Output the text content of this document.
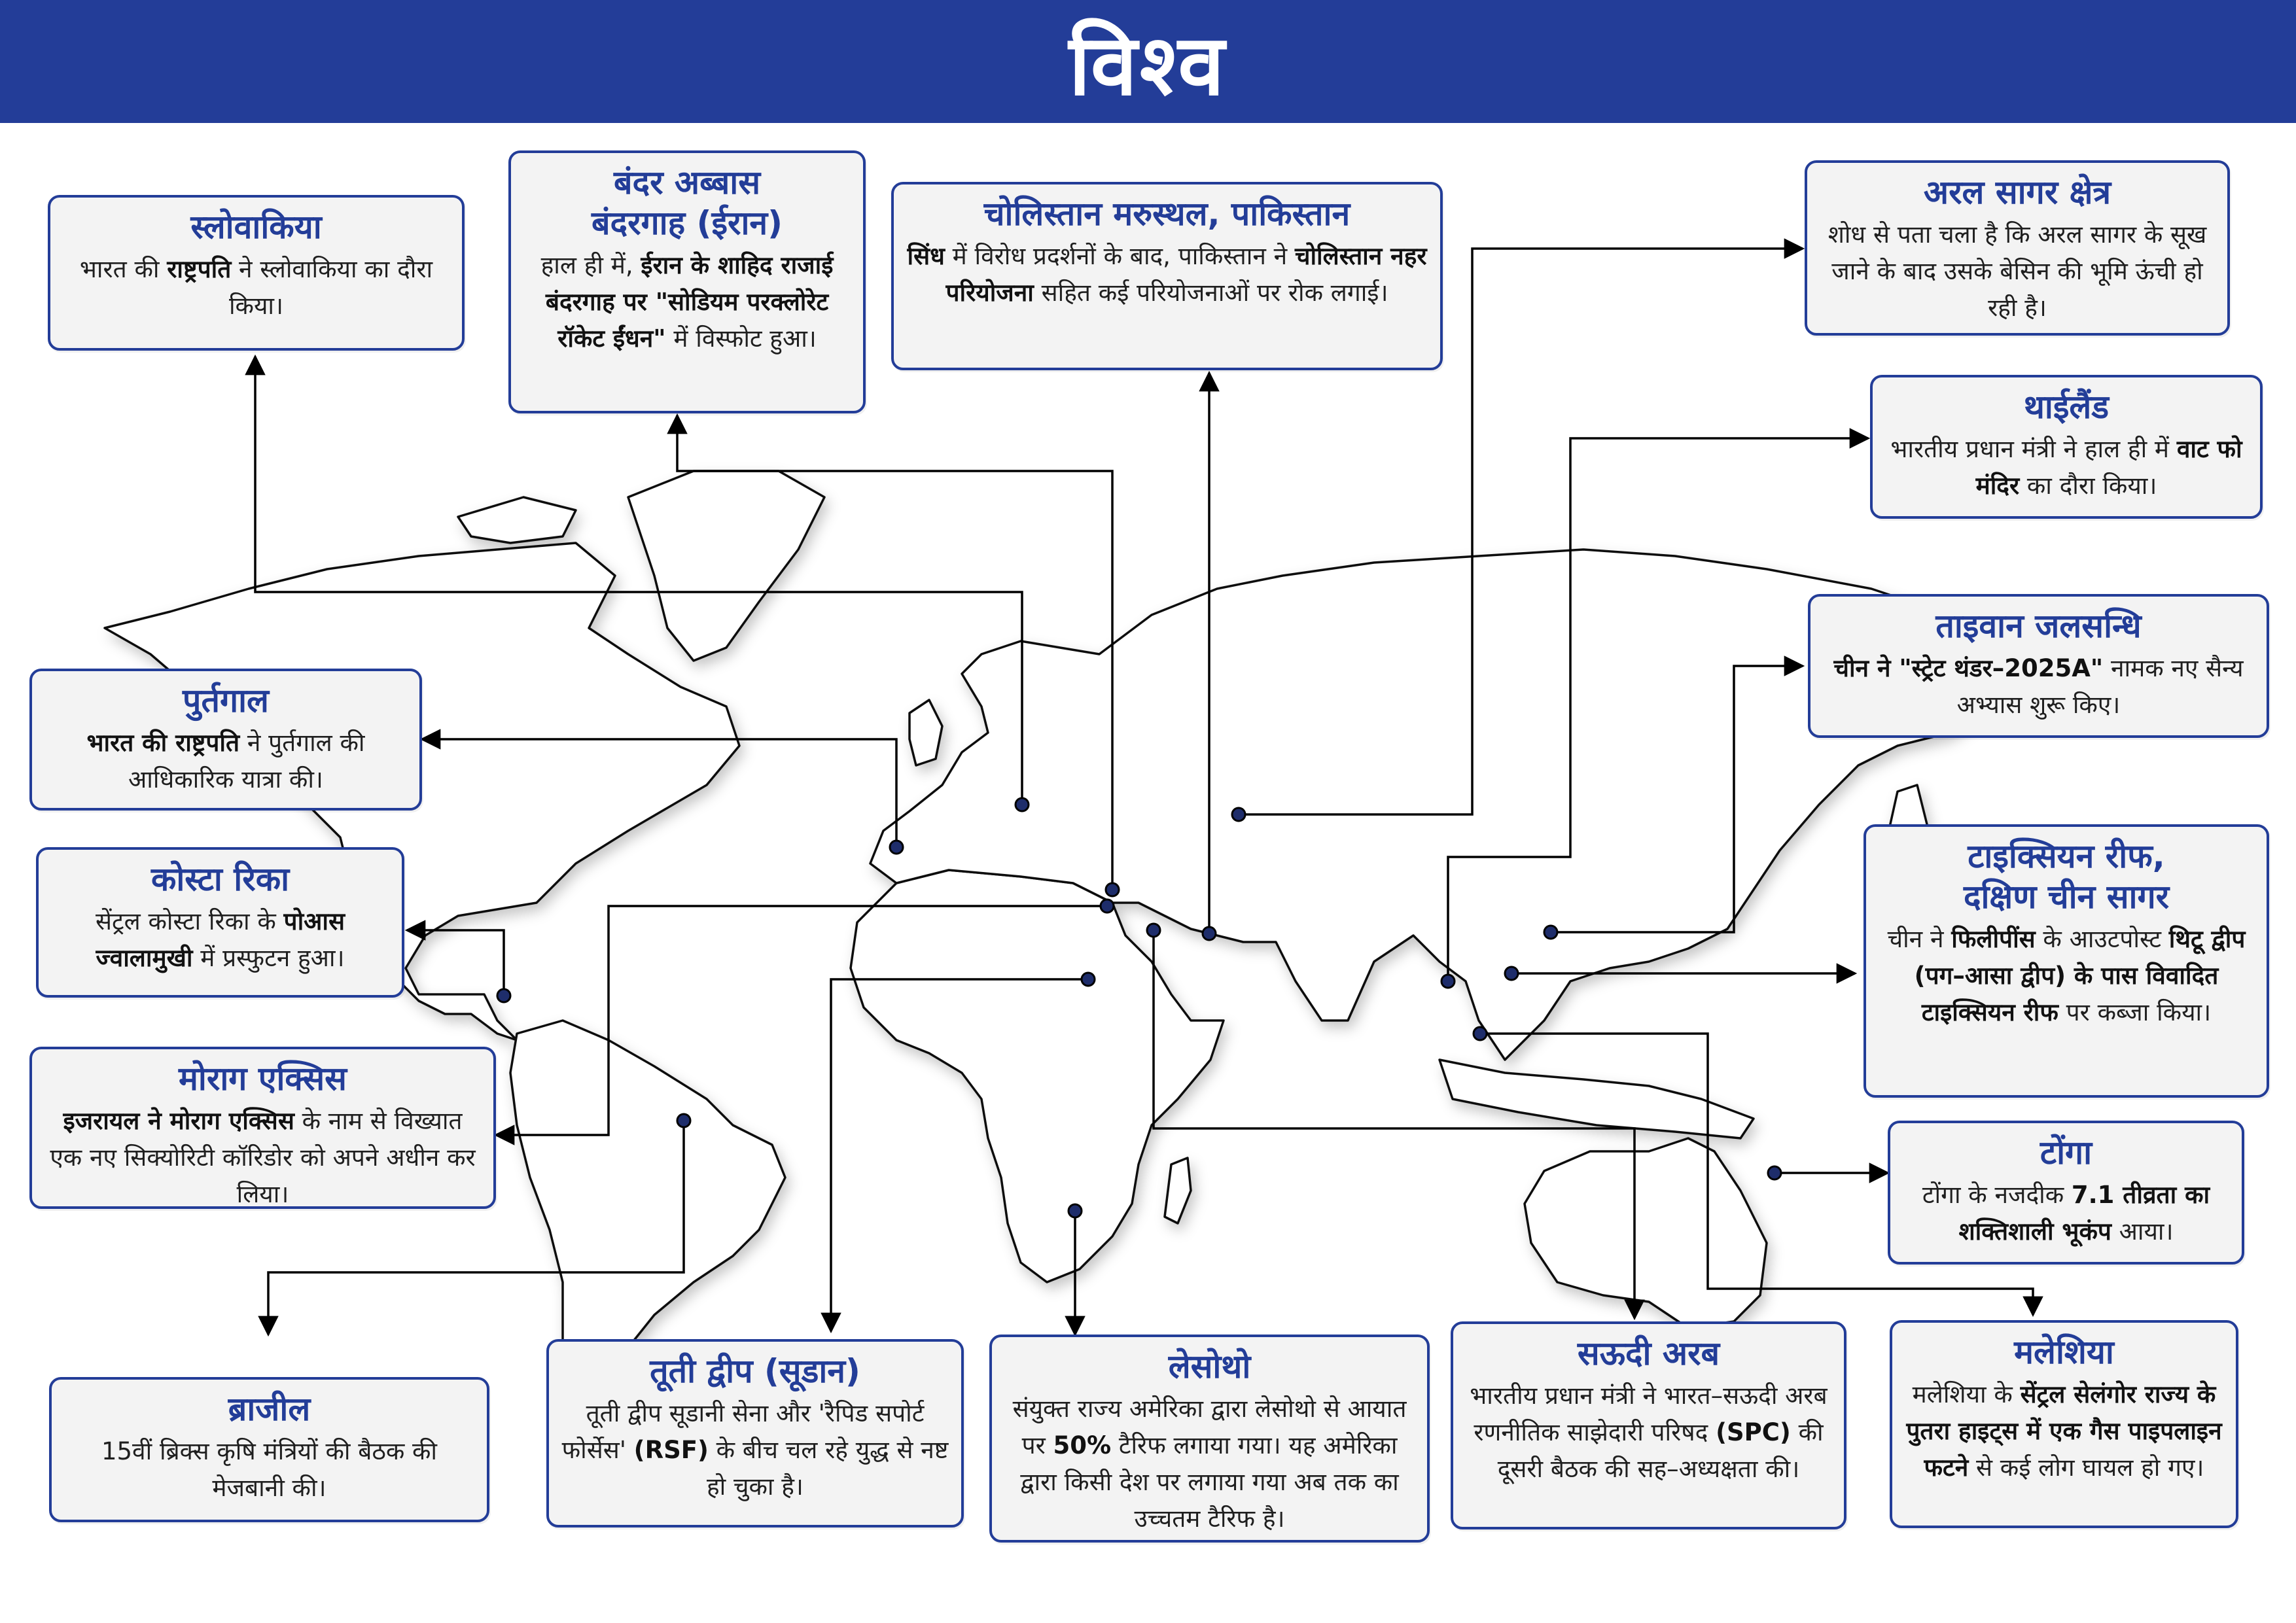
विश्व
स्लोवाकिया
भारत की राष्ट्रपति ने स्लोवाकिया का दौरा किया।
बंदर अब्बास
बंदरगाह (ईरान)
हाल ही में, ईरान के शाहिद राजाई बंदरगाह पर "सोडियम परक्लोरेट रॉकेट ईंधन" में विस्फोट हुआ।
चोलिस्तान मरुस्थल, पाकिस्तान
सिंध में विरोध प्रदर्शनों के बाद, पाकिस्तान ने चोलिस्तान नहर परियोजना सहित कई परियोजनाओं पर रोक लगाई।
अरल सागर क्षेत्र
शोध से पता चला है कि अरल सागर के सूख जाने के बाद उसके बेसिन की भूमि ऊंची हो रही है।
थाईलैंड
भारतीय प्रधान मंत्री ने हाल ही में वाट फो मंदिर का दौरा किया।
ताइवान जलसन्धि
चीन ने "स्ट्रेट थंडर–2025A" नामक नए सैन्य अभ्यास शुरू किए।
पुर्तगाल
भारत की राष्ट्रपति ने पुर्तगाल की आधिकारिक यात्रा की।
कोस्टा रिका
सेंट्रल कोस्टा रिका के पोआस ज्वालामुखी में प्रस्फुटन हुआ।
मोराग एक्सिस
इजरायल ने मोराग एक्सिस के नाम से विख्यात एक नए सिक्योरिटी कॉरिडोर को अपने अधीन कर लिया।
टाइक्सियन रीफ,
दक्षिण चीन सागर
चीन ने फिलीपींस के आउटपोस्ट थिटू द्वीप (पग–आसा द्वीप) के पास विवादित टाइक्सियन रीफ पर कब्जा किया।
टोंगा
टोंगा के नजदीक 7.1 तीव्रता का शक्तिशाली भूकंप आया।
ब्राजील
15वीं ब्रिक्स कृषि मंत्रियों की बैठक की मेजबानी की।
तूती द्वीप (सूडान)
तूती द्वीप सूडानी सेना और 'रैपिड सपोर्ट फोर्सेस' (RSF) के बीच चल रहे युद्ध से नष्ट हो चुका है।
लेसोथो
संयुक्त राज्य अमेरिका द्वारा लेसोथो से आयात पर 50% टैरिफ लगाया गया। यह अमेरिका द्वारा किसी देश पर लगाया गया अब तक का उच्चतम टैरिफ है।
सऊदी अरब
भारतीय प्रधान मंत्री ने भारत–सऊदी अरब रणनीतिक साझेदारी परिषद (SPC) की दूसरी बैठक की सह–अध्यक्षता की।
मलेशिया
मलेशिया के सेंट्रल सेलंगोर राज्य के पुतरा हाइट्स में एक गैस पाइपलाइन फटने से कई लोग घायल हो गए।
